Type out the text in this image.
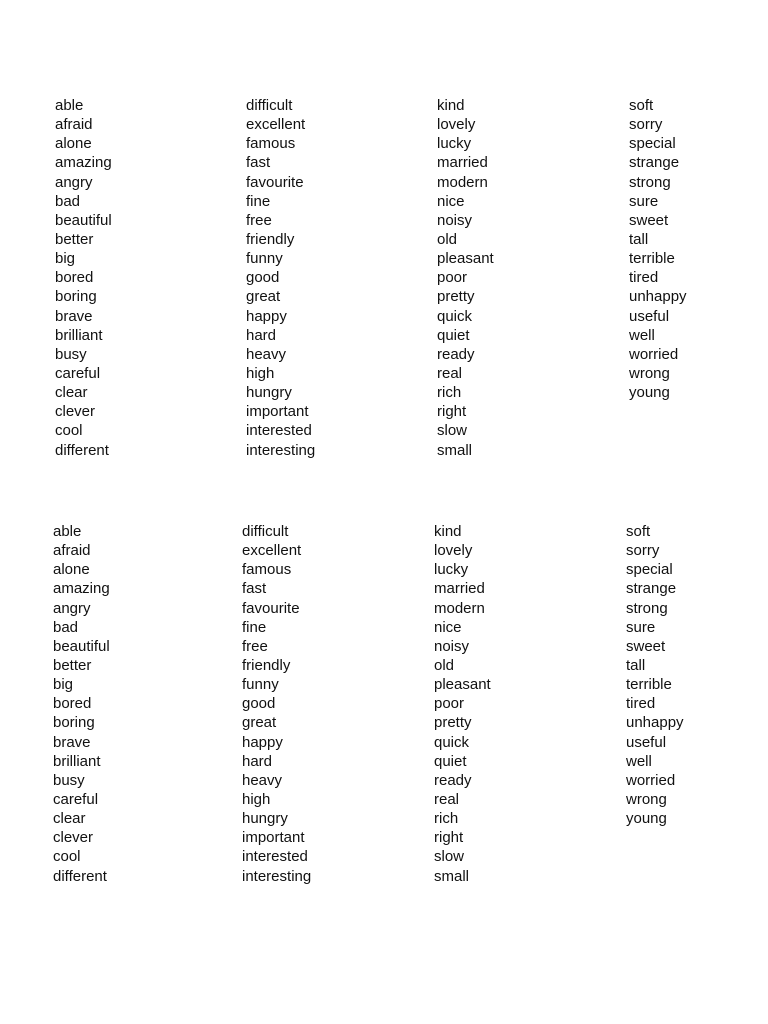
able
afraid
alone
amazing
angry
bad
beautiful
better
big
bored
boring
brave
brilliant
busy
careful
clear
clever
cool
different
difficult
excellent
famous
fast
favourite
fine
free
friendly
funny
good
great
happy
hard
heavy
high
hungry
important
interested
interesting
kind
lovely
lucky
married
modern
nice
noisy
old
pleasant
poor
pretty
quick
quiet
ready
real
rich
right
slow
small
soft
sorry
special
strange
strong
sure
sweet
tall
terrible
tired
unhappy
useful
well
worried
wrong
young
able
afraid
alone
amazing
angry
bad
beautiful
better
big
bored
boring
brave
brilliant
busy
careful
clear
clever
cool
different
difficult
excellent
famous
fast
favourite
fine
free
friendly
funny
good
great
happy
hard
heavy
high
hungry
important
interested
interesting
kind
lovely
lucky
married
modern
nice
noisy
old
pleasant
poor
pretty
quick
quiet
ready
real
rich
right
slow
small
soft
sorry
special
strange
strong
sure
sweet
tall
terrible
tired
unhappy
useful
well
worried
wrong
young
